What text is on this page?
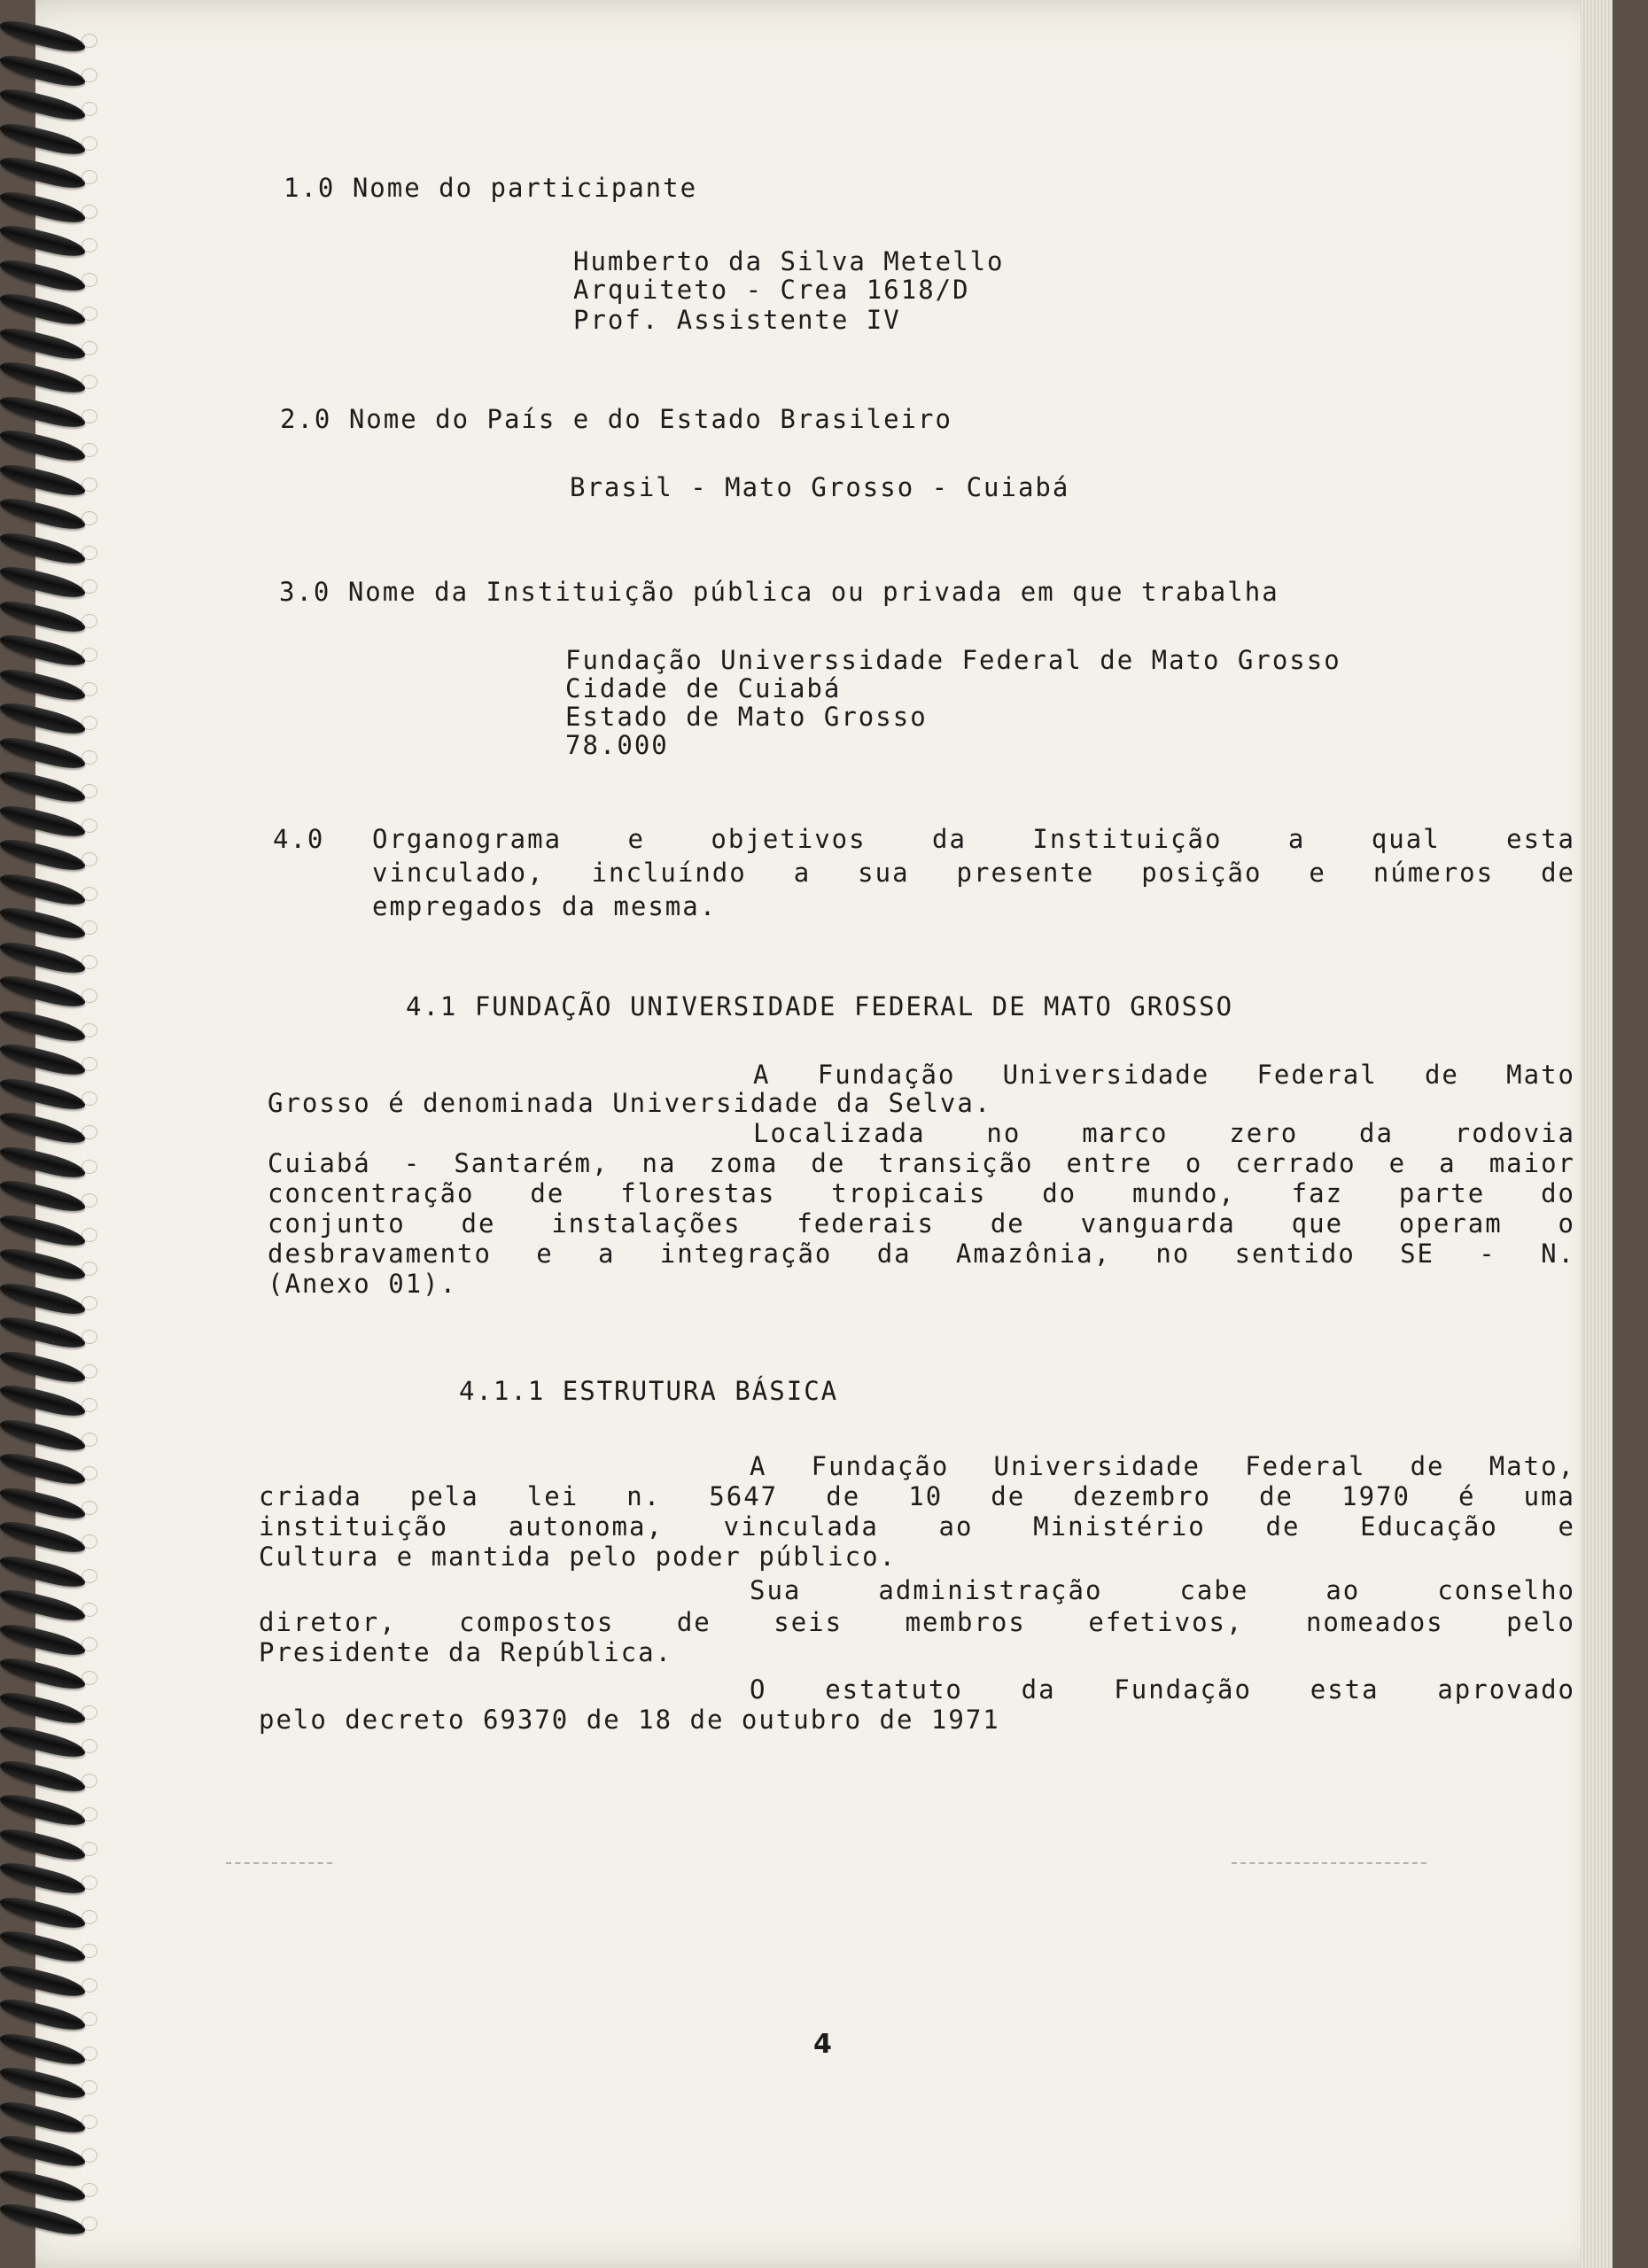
1.0 Nome do participante
Humberto da Silva Metello
Arquiteto - Crea 1618/D
Prof. Assistente IV
2.0 Nome do País e do Estado Brasileiro
Brasil - Mato Grosso - Cuiabá
3.0 Nome da Instituição pública ou privada em que trabalha
Fundação Universsidade Federal de Mato Grosso
Cidade de Cuiabá
Estado de Mato Grosso
78.000
4.0 Organograma e objetivos da Instituição a qual esta
vinculado, incluíndo a sua presente posição e números de
empregados da mesma.
4.1 FUNDAÇÃO UNIVERSIDADE FEDERAL DE MATO GROSSO
A Fundação Universidade Federal de Mato
Grosso é denominada Universidade da Selva.
Localizada no marco zero da rodovia
Cuiabá - Santarém, na zoma de transição entre o cerrado e a maior
concentração de florestas tropicais do mundo, faz parte do
conjunto de instalações federais de vanguarda que operam o
desbravamento e a integração da Amazônia, no sentido SE - N.
(Anexo 01).
4.1.1 ESTRUTURA BÁSICA
A Fundação Universidade Federal de Mato,
criada pela lei n. 5647 de 10 de dezembro de 1970 é uma
instituição autonoma, vinculada ao Ministério de Educação e
Cultura e mantida pelo poder público.
Sua administração cabe ao conselho
diretor, compostos de seis membros efetivos, nomeados pelo
Presidente da República.
O estatuto da Fundação esta aprovado
pelo decreto 69370 de 18 de outubro de 1971
4
